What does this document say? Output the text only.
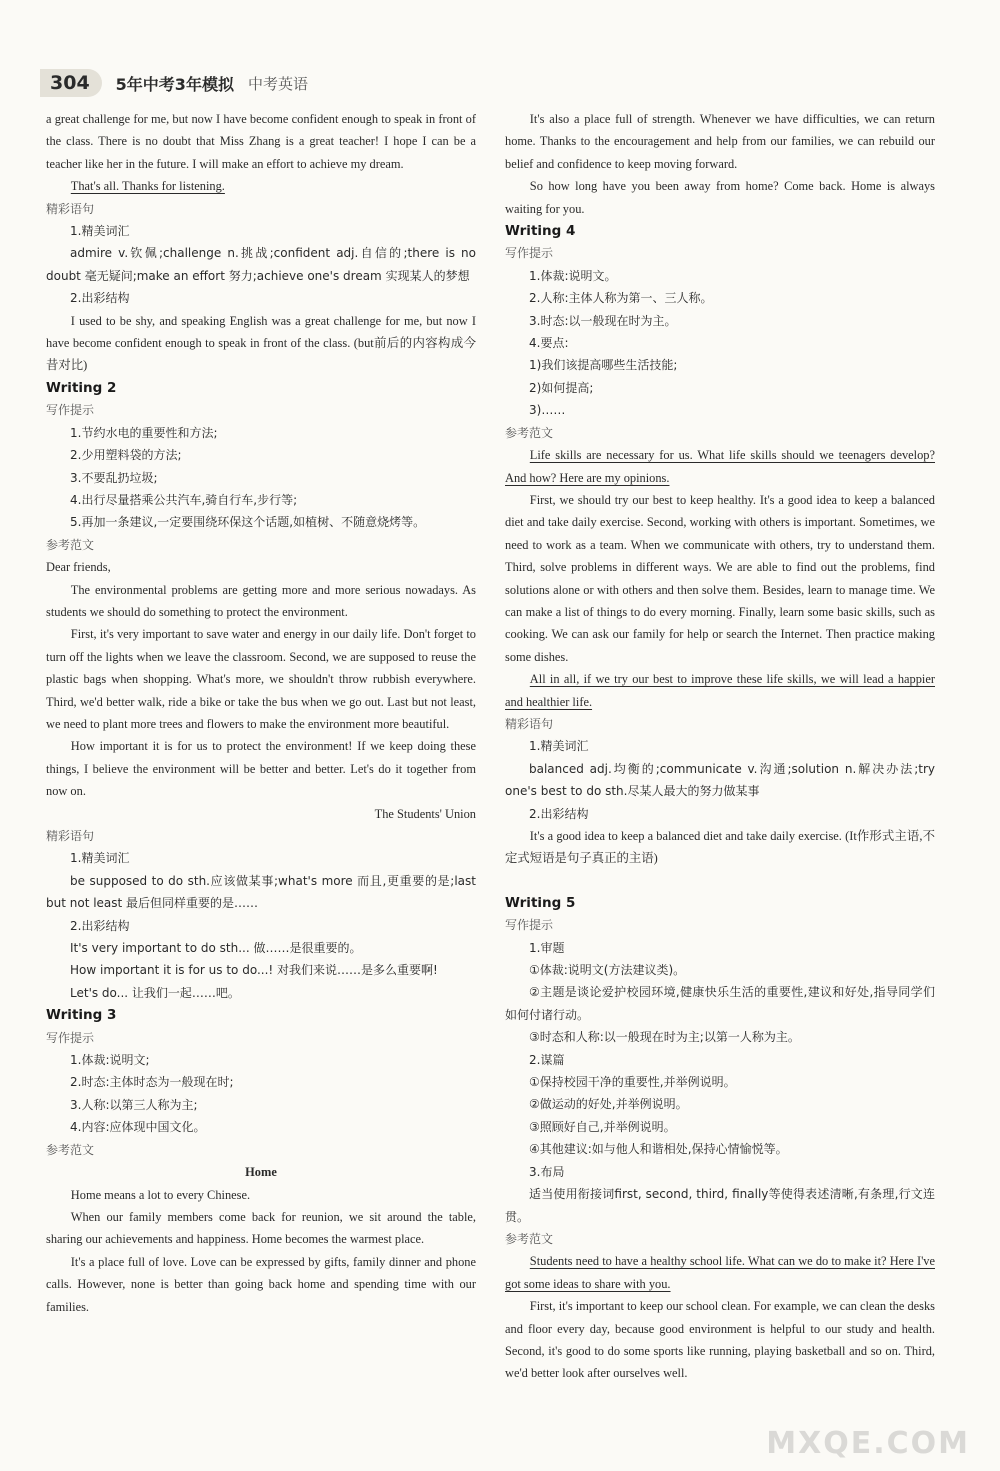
304	5年中考3年模拟 中考英语

a great challenge for me, but now I have become confident enough to speak in front of the class. There is no doubt that Miss Zhang is a great teacher! I hope I can be a teacher like her in the future. I will make an effort to achieve my dream.

That's all. Thanks for listening.

精彩语句

1.精美词汇

admire v.钦佩;challenge n.挑战;confident adj.自信的;there is no doubt 毫无疑问;make an effort 努力;achieve one's dream 实现某人的梦想

2.出彩结构

I used to be shy, and speaking English was a great challenge for me, but now I have become confident enough to speak in front of the class. (but前后的内容构成今昔对比)

Writing 2

写作提示

1.节约水电的重要性和方法;

2.少用塑料袋的方法;

3.不要乱扔垃圾;

4.出行尽量搭乘公共汽车,骑自行车,步行等;

5.再加一条建议,一定要围绕环保这个话题,如植树、不随意烧烤等。

参考范文

Dear friends,

The environmental problems are getting more and more serious nowadays. As students we should do something to protect the environment.

First, it's very important to save water and energy in our daily life. Don't forget to turn off the lights when we leave the classroom. Second, we are supposed to reuse the plastic bags when shopping. What's more, we shouldn't throw rubbish everywhere. Third, we'd better walk, ride a bike or take the bus when we go out. Last but not least, we need to plant more trees and flowers to make the environment more beautiful.

How important it is for us to protect the environment! If we keep doing these things, I believe the environment will be better and better. Let's do it together from now on.

The Students' Union

精彩语句

1.精美词汇

be supposed to do sth.应该做某事;what's more 而且,更重要的是;last but not least 最后但同样重要的是……

2.出彩结构

It's very important to do sth... 做……是很重要的。

How important it is for us to do...! 对我们来说……是多么重要啊!

Let's do... 让我们一起……吧。

Writing 3

写作提示

1.体裁:说明文;

2.时态:主体时态为一般现在时;

3.人称:以第三人称为主;

4.内容:应体现中国文化。

参考范文

Home

Home means a lot to every Chinese.

When our family members come back for reunion, we sit around the table, sharing our achievements and happiness. Home becomes the warmest place.

It's a place full of love. Love can be expressed by gifts, family dinner and phone calls. However, none is better than going back home and spending time with our families.

It's also a place full of strength. Whenever we have difficulties, we can return home. Thanks to the encouragement and help from our families, we can rebuild our belief and confidence to keep moving forward.

So how long have you been away from home? Come back. Home is always waiting for you.

Writing 4

写作提示

1.体裁:说明文。

2.人称:主体人称为第一、三人称。

3.时态:以一般现在时为主。

4.要点:

1)我们该提高哪些生活技能;

2)如何提高;

3)……

参考范文

Life skills are necessary for us. What life skills should we teenagers develop? And how? Here are my opinions.

First, we should try our best to keep healthy. It's a good idea to keep a balanced diet and take daily exercise. Second, working with others is important. Sometimes, we need to work as a team. When we communicate with others, try to understand them. Third, solve problems in different ways. We are able to find out the problems, find solutions alone or with others and then solve them. Besides, learn to manage time. We can make a list of things to do every morning. Finally, learn some basic skills, such as cooking. We can ask our family for help or search the Internet. Then practice making some dishes.

All in all, if we try our best to improve these life skills, we will lead a happier and healthier life.

精彩语句

1.精美词汇

balanced adj.均衡的;communicate v.沟通;solution n.解决办法;try one's best to do sth.尽某人最大的努力做某事

2.出彩结构

It's a good idea to keep a balanced diet and take daily exercise. (It作形式主语,不定式短语是句子真正的主语)

Writing 5

写作提示

1.审题

①体裁:说明文(方法建议类)。

②主题是谈论爱护校园环境,健康快乐生活的重要性,建议和好处,指导同学们如何付诸行动。

③时态和人称:以一般现在时为主;以第一人称为主。

2.谋篇

①保持校园干净的重要性,并举例说明。

②做运动的好处,并举例说明。

③照顾好自己,并举例说明。

④其他建议:如与他人和谐相处,保持心情愉悦等。

3.布局

适当使用衔接词first, second, third, finally等使得表述清晰,有条理,行文连贯。

参考范文

Students need to have a healthy school life. What can we do to make it? Here I've got some ideas to share with you.

First, it's important to keep our school clean. For example, we can clean the desks and floor every day, because good environment is helpful to our study and health. Second, it's good to do some sports like running, playing basketball and so on. Third, we'd better look after ourselves well.

MXQE.COM
